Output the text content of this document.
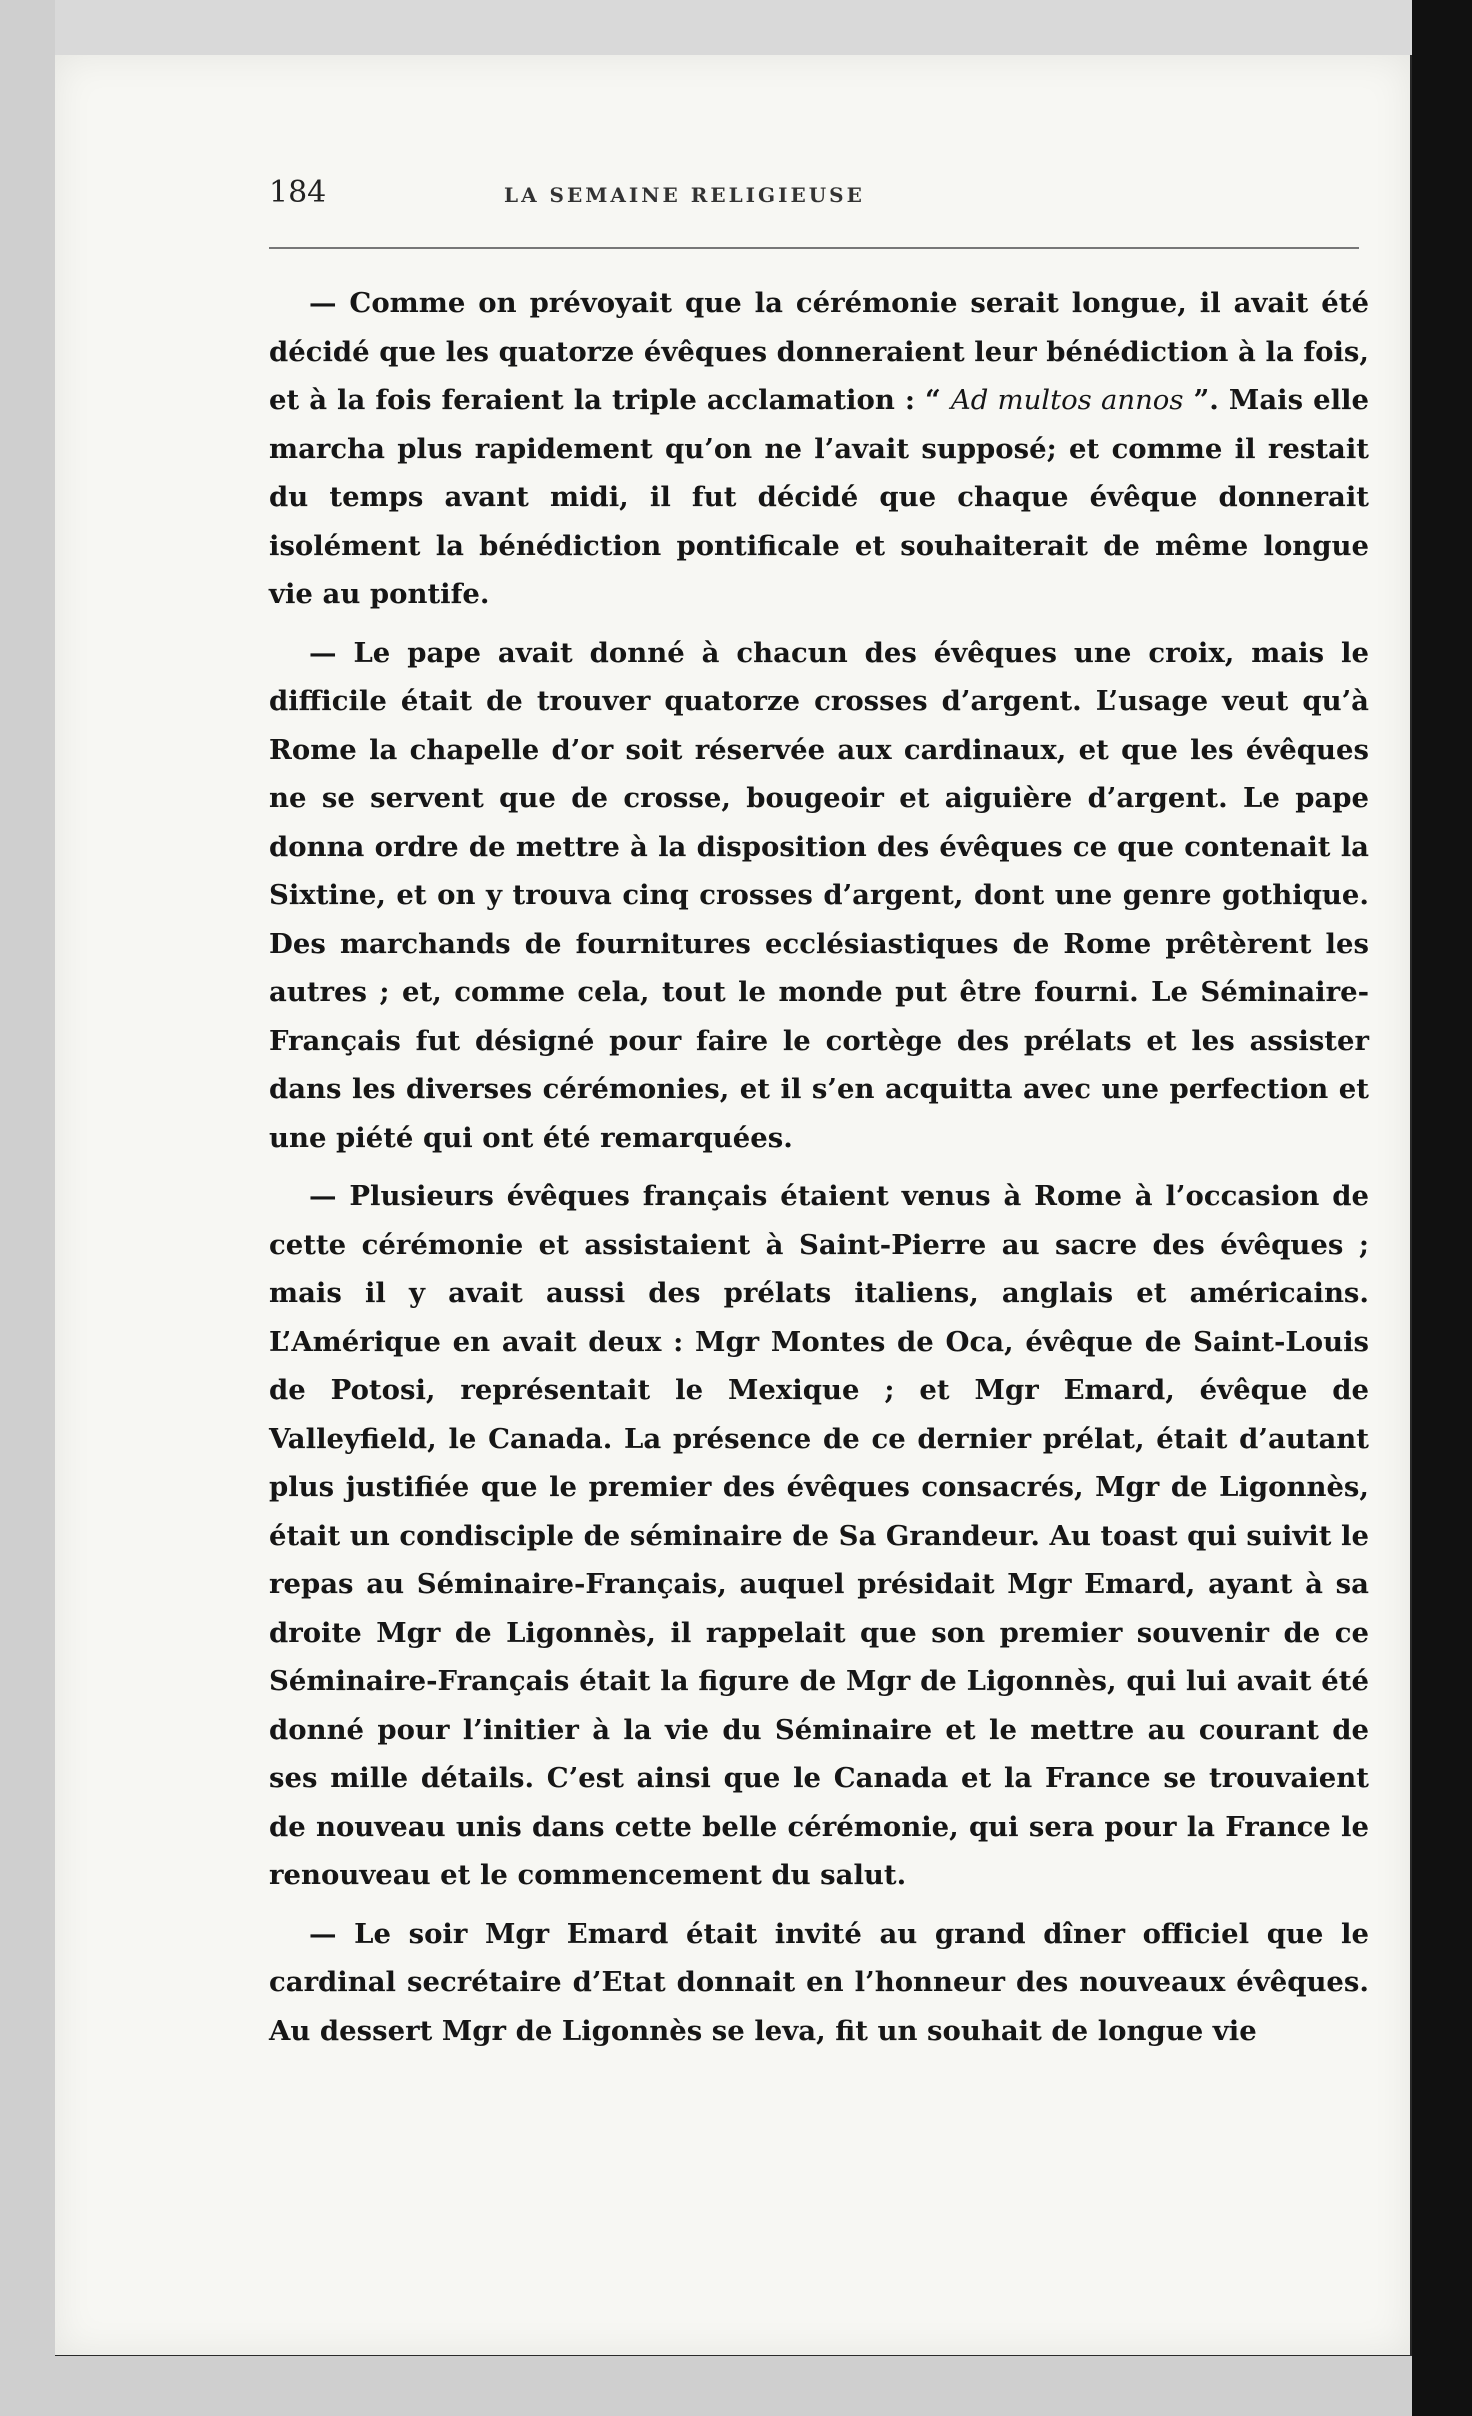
184	LA SEMAINE RELIGIEUSE

— Comme on prévoyait que la cérémonie serait longue, il avait été décidé que les quatorze évêques donneraient leur bénédiction à la fois, et à la fois feraient la triple acclamation : “ Ad multos annos ”. Mais elle marcha plus rapidement qu’on ne l’avait supposé; et comme il restait du temps avant midi, il fut décidé que chaque évêque donnerait isolément la bénédiction pontificale et souhaiterait de même longue vie au pontife.

— Le pape avait donné à chacun des évêques une croix, mais le difficile était de trouver quatorze crosses d’argent. L’usage veut qu’à Rome la chapelle d’or soit réservée aux cardinaux, et que les évêques ne se servent que de crosse, bougeoir et aiguière d’argent. Le pape donna ordre de mettre à la disposition des évêques ce que contenait la Sixtine, et on y trouva cinq crosses d’argent, dont une genre gothique. Des marchands de fournitures ecclésiastiques de Rome prêtèrent les autres ; et, comme cela, tout le monde put être fourni. Le Séminaire-Français fut désigné pour faire le cortège des prélats et les assister dans les diverses cérémonies, et il s’en acquitta avec une perfection et une piété qui ont été remarquées.

— Plusieurs évêques français étaient venus à Rome à l’occasion de cette cérémonie et assistaient à Saint-Pierre au sacre des évêques ; mais il y avait aussi des prélats italiens, anglais et américains. L’Amérique en avait deux : Mgr Montes de Oca, évêque de Saint-Louis de Potosi, représentait le Mexique ; et Mgr Emard, évêque de Valleyfield, le Canada. La présence de ce dernier prélat, était d’autant plus justifiée que le premier des évêques consacrés, Mgr de Ligonnès, était un condisciple de séminaire de Sa Grandeur. Au toast qui suivit le repas au Séminaire-Français, auquel présidait Mgr Emard, ayant à sa droite Mgr de Ligonnès, il rappelait que son premier souvenir de ce Séminaire-Français était la figure de Mgr de Ligonnès, qui lui avait été donné pour l’initier à la vie du Séminaire et le mettre au courant de ses mille détails. C’est ainsi que le Canada et la France se trouvaient de nouveau unis dans cette belle cérémonie, qui sera pour la France le renouveau et le commencement du salut.

— Le soir Mgr Emard était invité au grand dîner officiel que le cardinal secrétaire d’Etat donnait en l’honneur des nouveaux évêques. Au dessert Mgr de Ligonnès se leva, fit un souhait de longue vie
